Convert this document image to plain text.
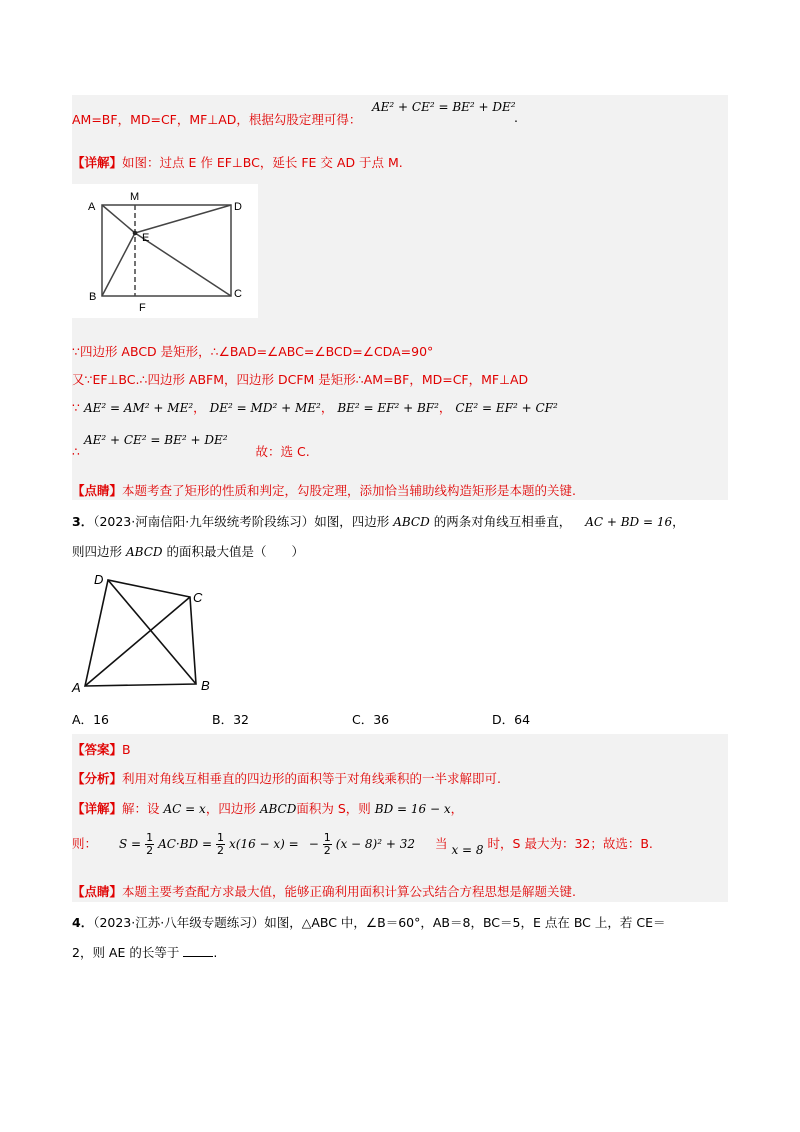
AM=BF，MD=CF，MF⊥AD，根据勾股定理可得：
AE² + CE² = BE² + DE²
.
【详解】如图：过点 E 作 EF⊥BC，延长 FE 交 AD 于点 M.
A
M
D
E
B
F
C
∵四边形 ABCD 是矩形，∴∠BAD=∠ABC=∠BCD=∠CDA=90°
又∵EF⊥BC.∴四边形 ABFM，四边形 DCFM 是矩形∴AM=BF，MD=CF，MF⊥AD
∵ AE² = AM² + ME²， DE² = MD² + ME²， BE² = EF² + BF²， CE² = EF² + CF²
∴ AE² + CE² = BE² + DE² 故：选 C.
【点睛】本题考查了矩形的性质和判定，勾股定理，添加恰当辅助线构造矩形是本题的关键.
3．（2023·河南信阳·九年级统考阶段练习）如图，四边形 ABCD 的两条对角线互相垂直， AC + BD = 16，
则四边形 ABCD 的面积最大值是（　　）
D
C
A	B
A．16	B．32	C．36	D．64
【答案】B
【分析】利用对角线互相垂直的四边形的面积等于对角线乘积的一半求解即可.
【详解】解：设 AC = x，四边形 ABCD面积为 S，则 BD = 16 − x，
则： $S = \frac{1}{2} AC\cdot BD = \frac{1}{2} x(16 - x)$ = − $\frac{1}{2} (x - 8)^2 + 32$ 当 x = 8 时，S 最大为：32；故选：B.
【点睛】本题主要考查配方求最大值，能够正确利用面积计算公式结合方程思想是解题关键.
4．（2023·江苏·八年级专题练习）如图，△ABC 中，∠B＝60°，AB＝8，BC＝5，E 点在 BC 上，若 CE＝
2，则 AE 的长等于	.
